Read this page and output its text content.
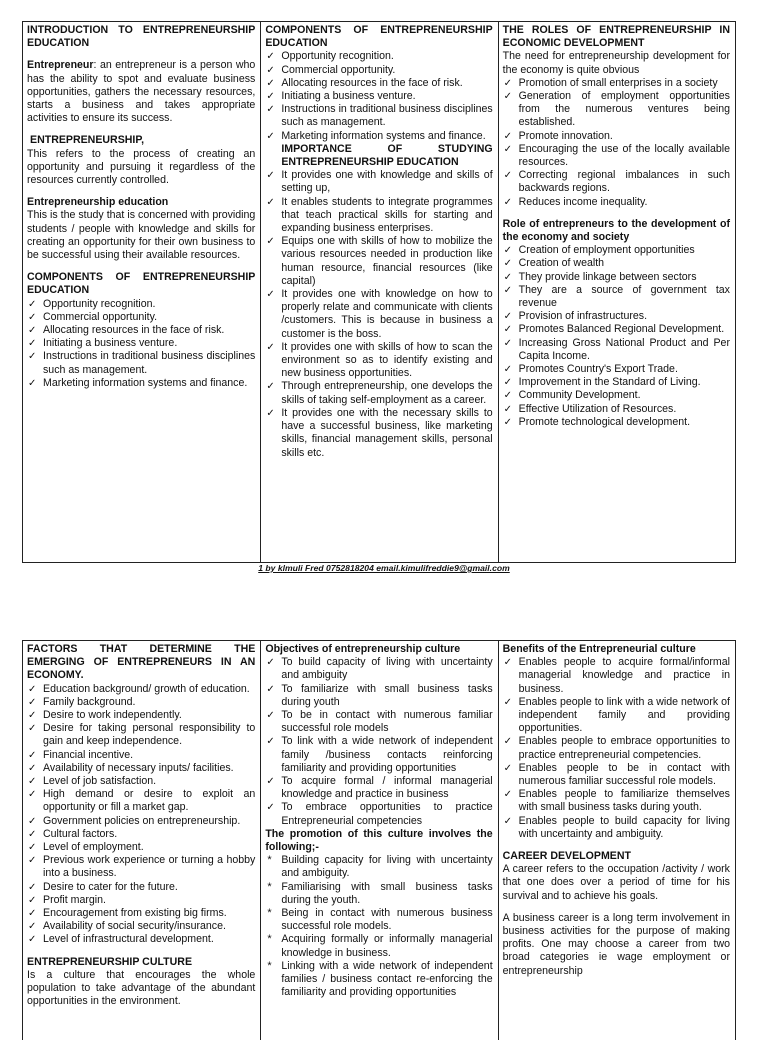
INTRODUCTION TO ENTREPRENEURSHIP EDUCATION

Entrepreneur: an entrepreneur is a person who has the ability to spot and evaluate business opportunities, gathers the necessary resources, starts a business and takes appropriate activities to ensure its success.

ENTREPRENEURSHIP,

This refers to the process of creating an opportunity and pursuing it regardless of the resources currently controlled.

Entrepreneurship education

This is the study that is concerned with providing students / people with knowledge and skills for creating an opportunity for their own business to be successful using their available resources.

COMPONENTS OF ENTREPRENEURSHIP EDUCATION
✓ Opportunity recognition.
✓ Commercial opportunity.
✓ Allocating resources in the face of risk.
✓ Initiating a business venture.
✓ Instructions in traditional business disciplines such as management.
✓ Marketing information systems and finance.
COMPONENTS OF ENTREPRENEURSHIP EDUCATION
✓ Opportunity recognition.
✓ Commercial opportunity.
✓ Allocating resources in the face of risk.
✓ Initiating a business venture.
✓ Instructions in traditional business disciplines such as management.
✓ Marketing information systems and finance.
IMPORTANCE OF STUDYING ENTREPRENEURSHIP EDUCATION
✓ It provides one with knowledge and skills of setting up,
✓ It enables students to integrate programmes that teach practical skills for starting and expanding business enterprises.
✓ Equips one with skills of how to mobilize the various resources needed in production like human resource, financial resources (like capital)
✓ It provides one with knowledge on how to properly relate and communicate with clients /customers. This is because in business a customer is the boss.
✓ It provides one with skills of how to scan the environment so as to identify existing and new business opportunities.
✓ Through entrepreneurship, one develops the skills of taking self-employment as a career.
✓ It provides one with the necessary skills to have a successful business, like marketing skills, financial management skills, personal skills etc.
THE ROLES OF ENTREPRENEURSHIP IN ECONOMIC DEVELOPMENT

The need for entrepreneurship development for the economy is quite obvious

✓ Promotion of small enterprises in a society
✓ Generation of employment opportunities from the numerous ventures being established.
✓ Promote innovation.
✓ Encouraging the use of the locally available resources.
✓ Correcting regional imbalances in such backwards regions.
✓ Reduces income inequality.
Role of entrepreneurs to the development of the economy and society
✓ Creation of employment opportunities
✓ Creation of wealth
✓ They provide linkage between sectors
✓ They are a source of government tax revenue
✓ Provision of infrastructures.
✓ Promotes Balanced Regional Development.
✓ Increasing Gross National Product and Per Capita Income.
✓ Promotes Country's Export Trade.
✓ Improvement in the Standard of Living.
✓ Community Development.
✓ Effective Utilization of Resources.
✓ Promote technological development.
1 by klmuli Fred 0752818204 email.kimulifreddie9@gmail.com
FACTORS THAT DETERMINE THE EMERGING OF ENTREPRENEURS IN AN ECONOMY.
✓ Education background/ growth of education.
✓ Family background.
✓ Desire to work independently.
✓ Desire for taking personal responsibility to gain and keep independence.
✓ Financial incentive.
✓ Availability of necessary inputs/ facilities.
✓ Level of job satisfaction.
✓ High demand or desire to exploit an opportunity or fill a market gap.
✓ Government policies on entrepreneurship.
✓ Cultural factors.
✓ Level of employment.
✓ Previous work experience or turning a hobby into a business.
✓ Desire to cater for the future.
✓ Profit margin.
✓ Encouragement from existing big firms.
✓ Availability of social security/insurance.
✓ Level of infrastructural development.
ENTREPRENEURSHIP CULTURE

Is a culture that encourages the whole population to take advantage of the abundant opportunities in the environment.

Objectives of entrepreneurship culture
✓ To build capacity of living with uncertainty and ambiguity
✓ To familiarize with small business tasks during youth
✓ To be in contact with numerous familiar successful role models
✓ To link with a wide network of independent family /business contacts reinforcing familiarity and providing opportunities
✓ To acquire formal / informal managerial knowledge and practice in business
✓ To embrace opportunities to practice Entrepreneurial competencies
The promotion of this culture involves the following;-
* Building capacity for living with uncertainty and ambiguity.
* Familiarising with small business tasks during the youth.
* Being in contact with numerous business successful role models.
* Acquiring formally or informally managerial knowledge in business.
* Linking with a wide network of independent families / business contact re-enforcing the familiarity and providing opportunities
Benefits of the Entrepreneurial culture
✓ Enables people to acquire formal/informal managerial knowledge and practice in business.
✓ Enables people to link with a wide network of independent family and providing opportunities.
✓ Enables people to embrace opportunities to practice entrepreneurial competencies.
✓ Enables people to be in contact with numerous familiar successful role models.
✓ Enables people to familiarize themselves with small business tasks during youth.
✓ Enables people to build capacity for living with uncertainty and ambiguity.
CAREER DEVELOPMENT

A career refers to the occupation /activity / work that one does over a period of time for his survival and to achieve his goals.

A business career is a long term involvement in business activities for the purpose of making profits. One may choose a career from two broad categories ie wage employment or entrepreneurship
